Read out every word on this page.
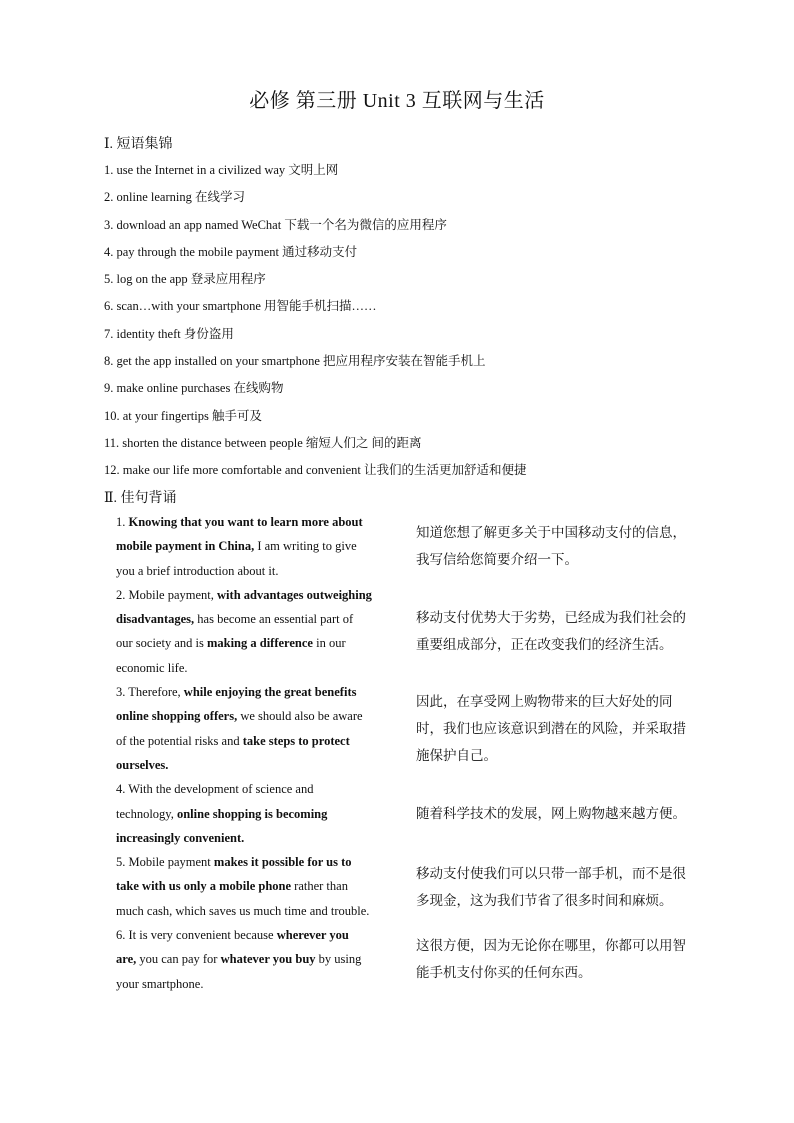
必修 第三册 Unit 3 互联网与生活
Ⅰ. 短语集锦
1. use the Internet in a civilized way 文明上网
2. online learning 在线学习
3. download an app named WeChat 下载一个名为微信的应用程序
4. pay through the mobile payment 通过移动支付
5. log on the app 登录应用程序
6. scan…with your smartphone 用智能手机扫描……
7. identity theft 身份盗用
8. get the app installed on your smartphone 把应用程序安装在智能手机上
9. make online purchases 在线购物
10. at your fingertips 触手可及
11. shorten the distance between people 缩短人们之 间的距离
12. make our life more comfortable and convenient 让我们的生活更加舒适和便捷
Ⅱ. 佳句背诵
1. Knowing that you want to learn more about mobile payment in China, I am writing to give you a brief introduction about it.
知道您想了解更多关于中国移动支付的信息，我写信给您简要介绍一下。
2. Mobile payment, with advantages outweighing disadvantages, has become an essential part of our society and is making a difference in our economic life.
移动支付优势大于劣势，已经成为我们社会的重要组成部分，正在改变我们的经济生活。
3. Therefore, while enjoying the great benefits online shopping offers, we should also be aware of the potential risks and take steps to protect ourselves.
因此，在享受网上购物带来的巨大好处的同时，我们也应该意识到潜在的风险，并采取措施保护自己。
4. With the development of science and technology, online shopping is becoming increasingly convenient.
随着科学技术的发展，网上购物越来越方便。
5. Mobile payment makes it possible for us to take with us only a mobile phone rather than much cash, which saves us much time and trouble.
移动支付使我们可以只带一部手机，而不是很多现金，这为我们节省了很多时间和麻烦。
6. It is very convenient because wherever you are, you can pay for whatever you buy by using your smartphone.
这很方便，因为无论你在哪里，你都可以用智能手机支付你买的任何东西。
